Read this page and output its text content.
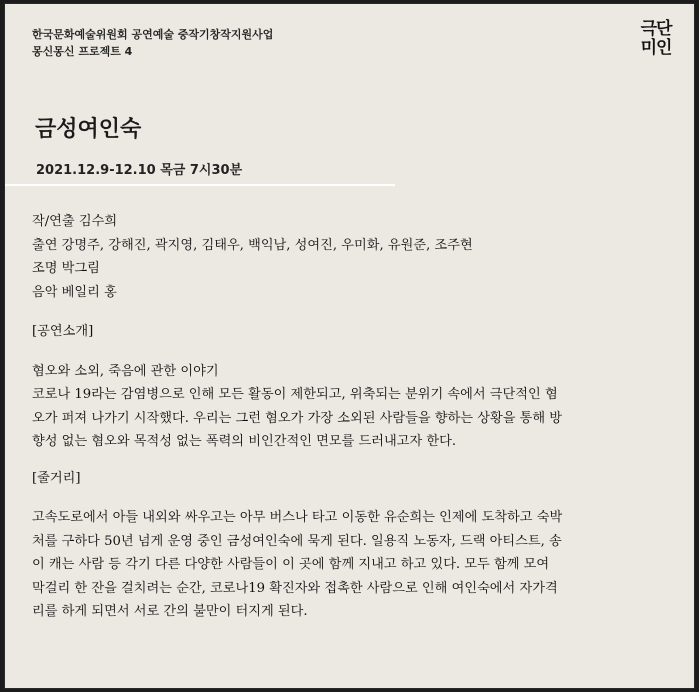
한국문화예술위원회 공연예술 중작기창작지원사업
몽신몽신 프로젝트 4
극단
미인
금성여인숙
2021.12.9-12.10 목금 7시30분
작/연출 김수희
출연 강명주, 강해진, 곽지영, 김태우, 백익남, 성여진, 우미화, 유원준, 조주현
조명 박그림
음악 베일리 홍
[공연소개]
혐오와 소외, 죽음에 관한 이야기
코로나 19라는 감염병으로 인해 모든 활동이 제한되고, 위축되는 분위기 속에서 극단적인 혐
오가 퍼져 나가기 시작했다. 우리는 그런 혐오가 가장 소외된 사람들을 향하는 상황을 통해 방
향성 없는 혐오와 목적성 없는 폭력의 비인간적인 면모를 드러내고자 한다.
[줄거리]
고속도로에서 아들 내외와 싸우고는 아무 버스나 타고 이동한 유순희는 인제에 도착하고 숙박
처를 구하다 50년 넘게 운영 중인 금성여인숙에 묵게 된다. 일용직 노동자, 드랙 아티스트, 송
이 캐는 사람 등 각기 다른 다양한 사람들이 이 곳에 함께 지내고 하고 있다. 모두 함께 모여
막걸리 한 잔을 걸치려는 순간, 코로나19 확진자와 접촉한 사람으로 인해 여인숙에서 자가격
리를 하게 되면서 서로 간의 불만이 터지게 된다.
